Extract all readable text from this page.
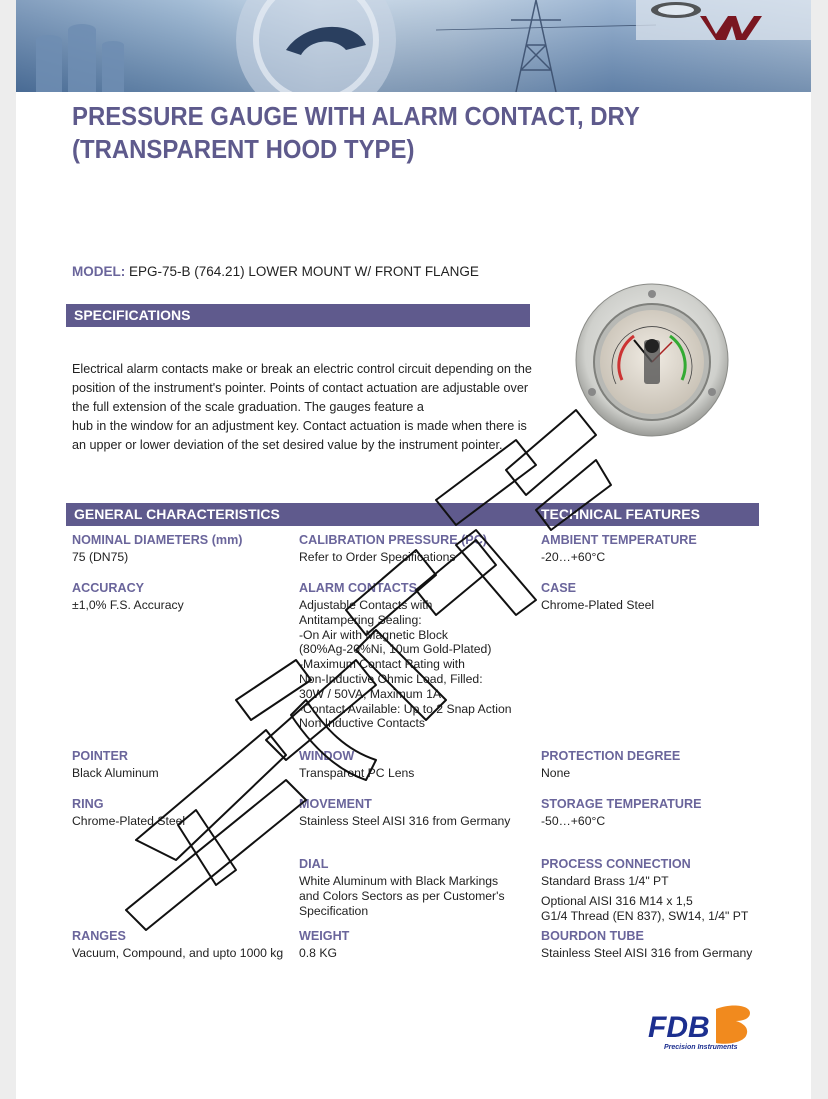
PRESSURE GAUGE WITH ALARM CONTACT, DRY
(TRANSPARENT HOOD TYPE)
MODEL: EPG-75-B (764.21) LOWER MOUNT W/ FRONT FLANGE
SPECIFICATIONS
Electrical alarm contacts make or break an electric control circuit depending on the
position of the instrument's pointer. Points of contact actuation are adjustable over
the full extension of the scale graduation. The gauges feature a
hub in the window for an adjustment key. Contact actuation is made when there is
an upper or lower deviation of the set desired value by the instrument pointer.
GENERAL CHARACTERISTICS	TECHNICAL FEATURES
NOMINAL DIAMETERS (mm)
75 (DN75)
CALIBRATION PRESSURE (PC)
Refer to Order Specifications
AMBIENT TEMPERATURE
-20…+60°C
ACCURACY
±1,0% F.S. Accuracy
ALARM CONTACTS
Adjustable Contacts with
Antitampering Sealing:
-On Air with Magnetic Block
(80%Ag-20%Ni, 10um Gold-Plated)
-Maximum Contact Rating with
Non-Inductive Ohmic Load, Filled:
30W / 50VA, Maximum 1A
-Contact Available: Up to 2 Snap Action
Non Inductive Contacts
CASE
Chrome-Plated Steel
POINTER
Black Aluminum
WINDOW
Transparent PC Lens
PROTECTION DEGREE
None
RING
Chrome-Plated Steel
MOVEMENT
Stainless Steel AISI 316 from Germany
STORAGE TEMPERATURE
-50…+60°C
DIAL
White Aluminum with Black Markings
and Colors Sectors as per Customer's
Specification
PROCESS CONNECTION
Standard Brass 1/4" PT
Optional AISI 316 M14 x 1,5
G1/4 Thread (EN 837), SW14, 1/4" PT
RANGES
Vacuum, Compound, and upto 1000 kg
WEIGHT
0.8 KG
BOURDON TUBE
Stainless Steel AISI 316 from Germany
FDB
Precision Instruments
